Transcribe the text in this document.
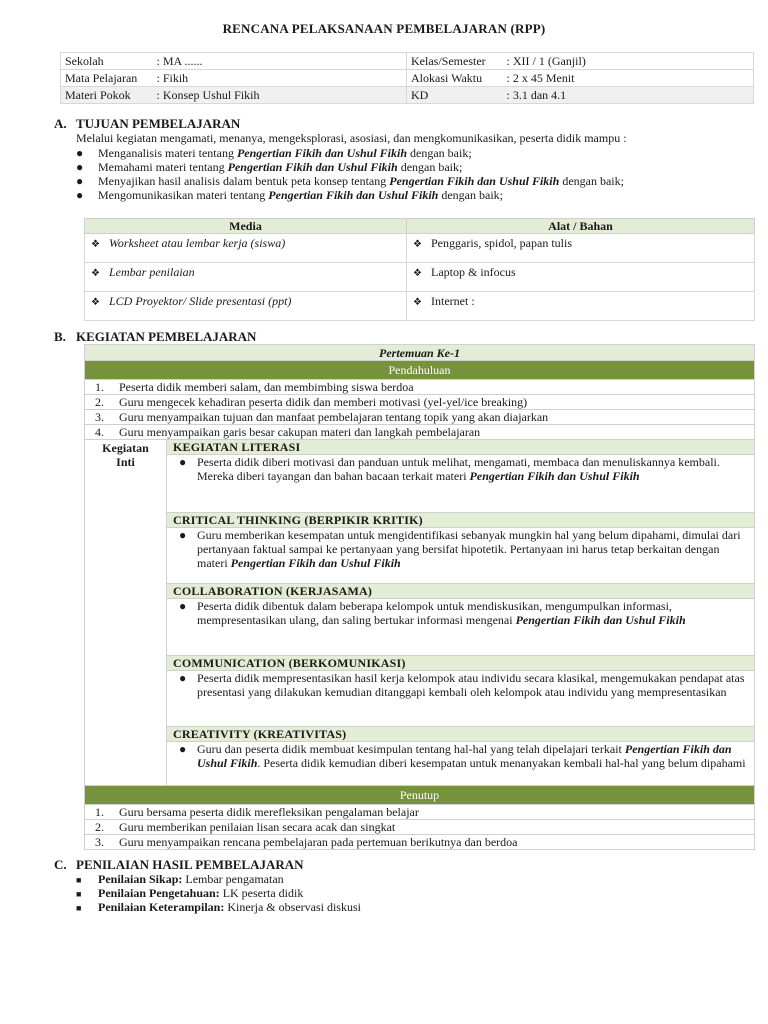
RENCANA PELAKSANAAN PEMBELAJARAN (RPP)
Sekolah	: MA ......	Kelas/Semester	: XII / 1 (Ganjil)
Mata Pelajaran	: Fikih	Alokasi Waktu	: 2 x 45 Menit
Materi Pokok	: Konsep Ushul Fikih	KD	: 3.1 dan 4.1
A. TUJUAN PEMBELAJARAN
Melalui kegiatan mengamati, menanya, mengeksplorasi, asosiasi, dan mengkomunikasikan, peserta didik mampu :
● Menganalisis materi tentang Pengertian Fikih dan Ushul Fikih dengan baik;
● Memahami materi tentang Pengertian Fikih dan Ushul Fikih dengan baik;
● Menyajikan hasil analisis dalam bentuk peta konsep tentang Pengertian Fikih dan Ushul Fikih dengan baik;
● Mengomunikasikan materi tentang Pengertian Fikih dan Ushul Fikih dengan baik;
Media	Alat / Bahan
❖ Worksheet atau lembar kerja (siswa)	❖ Penggaris, spidol, papan tulis
❖ Lembar penilaian	❖ Laptop & infocus
❖ LCD Proyektor/ Slide presentasi (ppt)	❖ Internet :
B. KEGIATAN PEMBELAJARAN
Pertemuan Ke-1
Pendahuluan
1. Peserta didik memberi salam, dan membimbing siswa berdoa
2. Guru mengecek kehadiran peserta didik dan memberi motivasi (yel-yel/ice breaking)
3. Guru menyampaikan tujuan dan manfaat pembelajaran tentang topik yang akan diajarkan
4. Guru menyampaikan garis besar cakupan materi dan langkah pembelajaran

Kegiatan
Inti
	KEGIATAN LITERASI

● Peserta didik diberi motivasi dan panduan untuk melihat, mengamati, membaca dan menuliskannya kembali. Mereka diberi tayangan dan bahan bacaan terkait materi Pengertian Fikih dan Ushul Fikih

CRITICAL THINKING (BERPIKIR KRITIK)

● Guru memberikan kesempatan untuk mengidentifikasi sebanyak mungkin hal yang belum dipahami, dimulai dari pertanyaan faktual sampai ke pertanyaan yang bersifat hipotetik. Pertanyaan ini harus tetap berkaitan dengan materi Pengertian Fikih dan Ushul Fikih

COLLABORATION (KERJASAMA)

● Peserta didik dibentuk dalam beberapa kelompok untuk mendiskusikan, mengumpulkan informasi, mempresentasikan ulang, dan saling bertukar informasi mengenai Pengertian Fikih dan Ushul Fikih

COMMUNICATION (BERKOMUNIKASI)

● Peserta didik mempresentasikan hasil kerja kelompok atau individu secara klasikal, mengemukakan pendapat atas presentasi yang dilakukan kemudian ditanggapi kembali oleh kelompok atau individu yang mempresentasikan

CREATIVITY (KREATIVITAS)

● Guru dan peserta didik membuat kesimpulan tentang hal-hal yang telah dipelajari terkait Pengertian Fikih dan Ushul Fikih. Peserta didik kemudian diberi kesempatan untuk menanyakan kembali hal-hal yang belum dipahami

Penutup
1. Guru bersama peserta didik merefleksikan pengalaman belajar
2. Guru memberikan penilaian lisan secara acak dan singkat
3. Guru menyampaikan rencana pembelajaran pada pertemuan berikutnya dan berdoa
C. PENILAIAN HASIL PEMBELAJARAN
■ Penilaian Sikap: Lembar pengamatan
■ Penilaian Pengetahuan: LK peserta didik
■ Penilaian Keterampilan: Kinerja & observasi diskusi
